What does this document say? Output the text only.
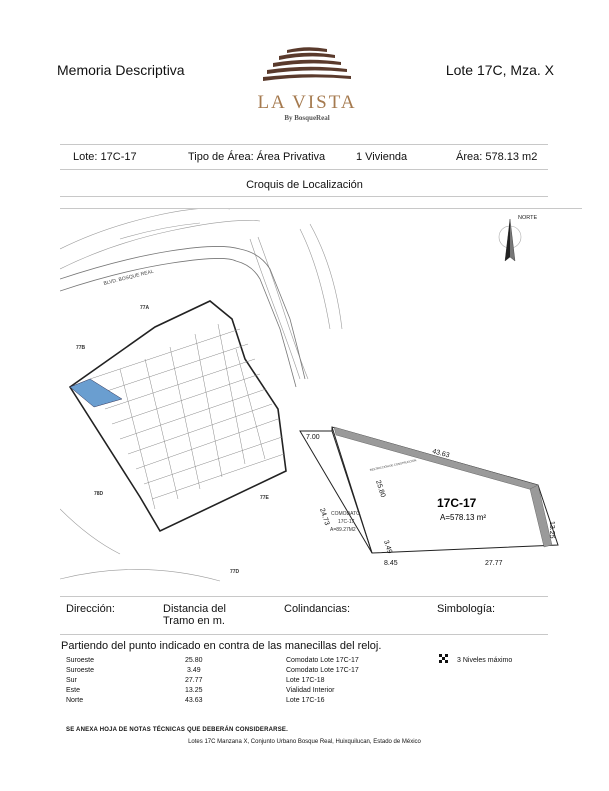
Memoria Descriptiva	Lote 17C, Mza. X
LA VISTA
By BosqueReal
Lote: 17C-17	Tipo de Área: Área Privativa	1 Vivienda	Área: 578.13 m2
Croquis de Localización
BLVD. BOSQUE REAL
77A
77B
78D
77D
77E
NORTE
RESTRICCIÓN DE CONSTRUCCIÓN
43.63
13.25
27.77
24.73
7.00
8.45
25.80
3.49
17C-17
A=578.13 m²
COMODATO
17C-17
A=89.27M2
Dirección:	Distancia del Tramo en m.
Colindancias:	Simbología:
Partiendo del punto indicado en contra de las manecillas del reloj.
Suroeste	25.80	Comodato Lote 17C-17
Suroeste	3.49	Comodato Lote 17C-17
Sur	27.77	Lote 17C-18
Este	13.25	Vialidad Interior
Norte	43.63	Lote 17C-16
3 Niveles máximo
SE ANEXA HOJA DE NOTAS TÉCNICAS QUE DEBERÁN CONSIDERARSE.
Lotes 17C Manzana X, Conjunto Urbano Bosque Real, Huixquilucan, Estado de México
